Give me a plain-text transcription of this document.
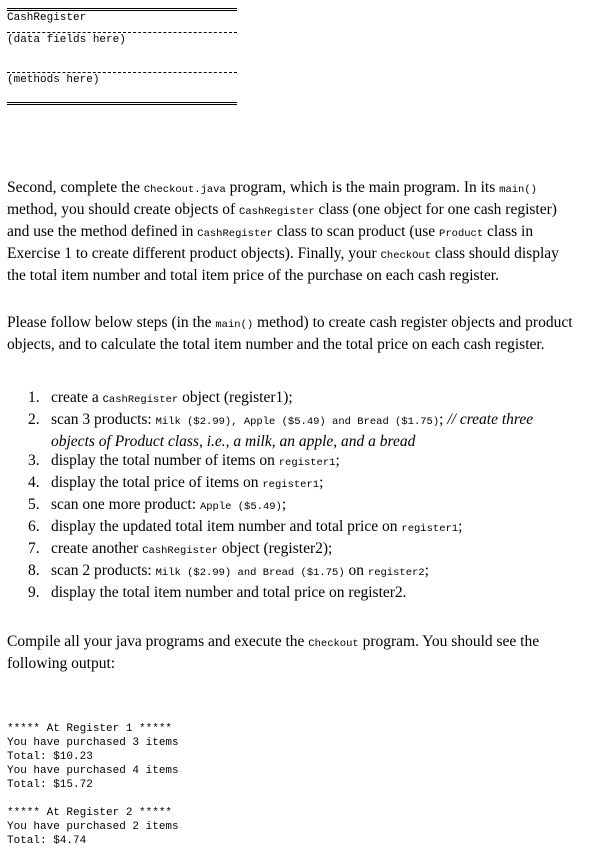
CashRegister
(data fields here)
(methods here)
Second, complete the Checkout.java program, which is the main program. In its main() method, you should create objects of CashRegister class (one object for one cash register) and use the method defined in CashRegister class to scan product (use Product class in Exercise 1 to create different product objects). Finally, your CheckOut class should display the total item number and total item price of the purchase on each cash register.
Please follow below steps (in the main() method) to create cash register objects and product objects, and to calculate the total item number and the total price on each cash register.
1. create a CashRegister object (register1);
2. scan 3 products: Milk ($2.99), Apple ($5.49) and Bread ($1.75); // create three objects of Product class, i.e., a milk, an apple, and a bread
3. display the total number of items on register1;
4. display the total price of items on register1;
5. scan one more product: Apple ($5.49);
6. display the updated total item number and total price on register1;
7. create another CashRegister object (register2);
8. scan 2 products: Milk ($2.99) and Bread ($1.75) on register2;
9. display the total item number and total price on register2.
Compile all your java programs and execute the Checkout program. You should see the following output:
***** At Register 1 *****
You have purchased 3 items
Total: $10.23
You have purchased 4 items
Total: $15.72
***** At Register 2 *****
You have purchased 2 items
Total: $4.74
